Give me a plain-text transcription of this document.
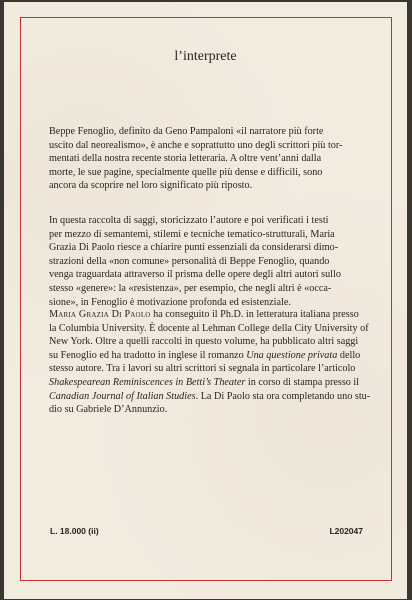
l’interprete
Beppe Fenoglio, definito da Geno Pampaloni «il narratore più forte
uscito dal neorealismo», è anche e soprattutto uno degli scrittori più tor-
mentati della nostra recente storia letteraria. A oltre vent’anni dalla
morte, le sue pagine, specialmente quelle più dense e difficili, sono
ancora da scoprire nel loro significato più riposto.
In questa raccolta di saggi, storicizzato l’autore e poi verificati i testi
per mezzo di semantemi, stilemi e tecniche tematico-strutturali, Maria
Grazia Di Paolo riesce a chiarire punti essenziali da considerarsi dimo-
strazioni della «non comune» personalità di Beppe Fenoglio, quando
venga traguardata attraverso il prisma delle opere degli altri autori sullo
stesso «genere»: la «resistenza», per esempio, che negli altri è «occa-
sione», in Fenoglio è motivazione profonda ed esistenziale.
Maria Grazia Di Paolo ha conseguito il Ph.D. in letteratura italiana presso
la Columbia University. È docente al Lehman College della City University of
New York. Oltre a quelli raccolti in questo volume, ha pubblicato altri saggi
su Fenoglio ed ha tradotto in inglese il romanzo Una questione privata dello
stesso autore. Tra i lavori su altri scrittori si segnala in particolare l’articolo
Shakespearean Reminiscences in Betti’s Theater in corso di stampa presso il
Canadian Journal of Italian Studies. La Di Paolo sta ora completando uno stu-
dio su Gabriele D’Annunzio.
L. 18.000 (ii)	L202047
